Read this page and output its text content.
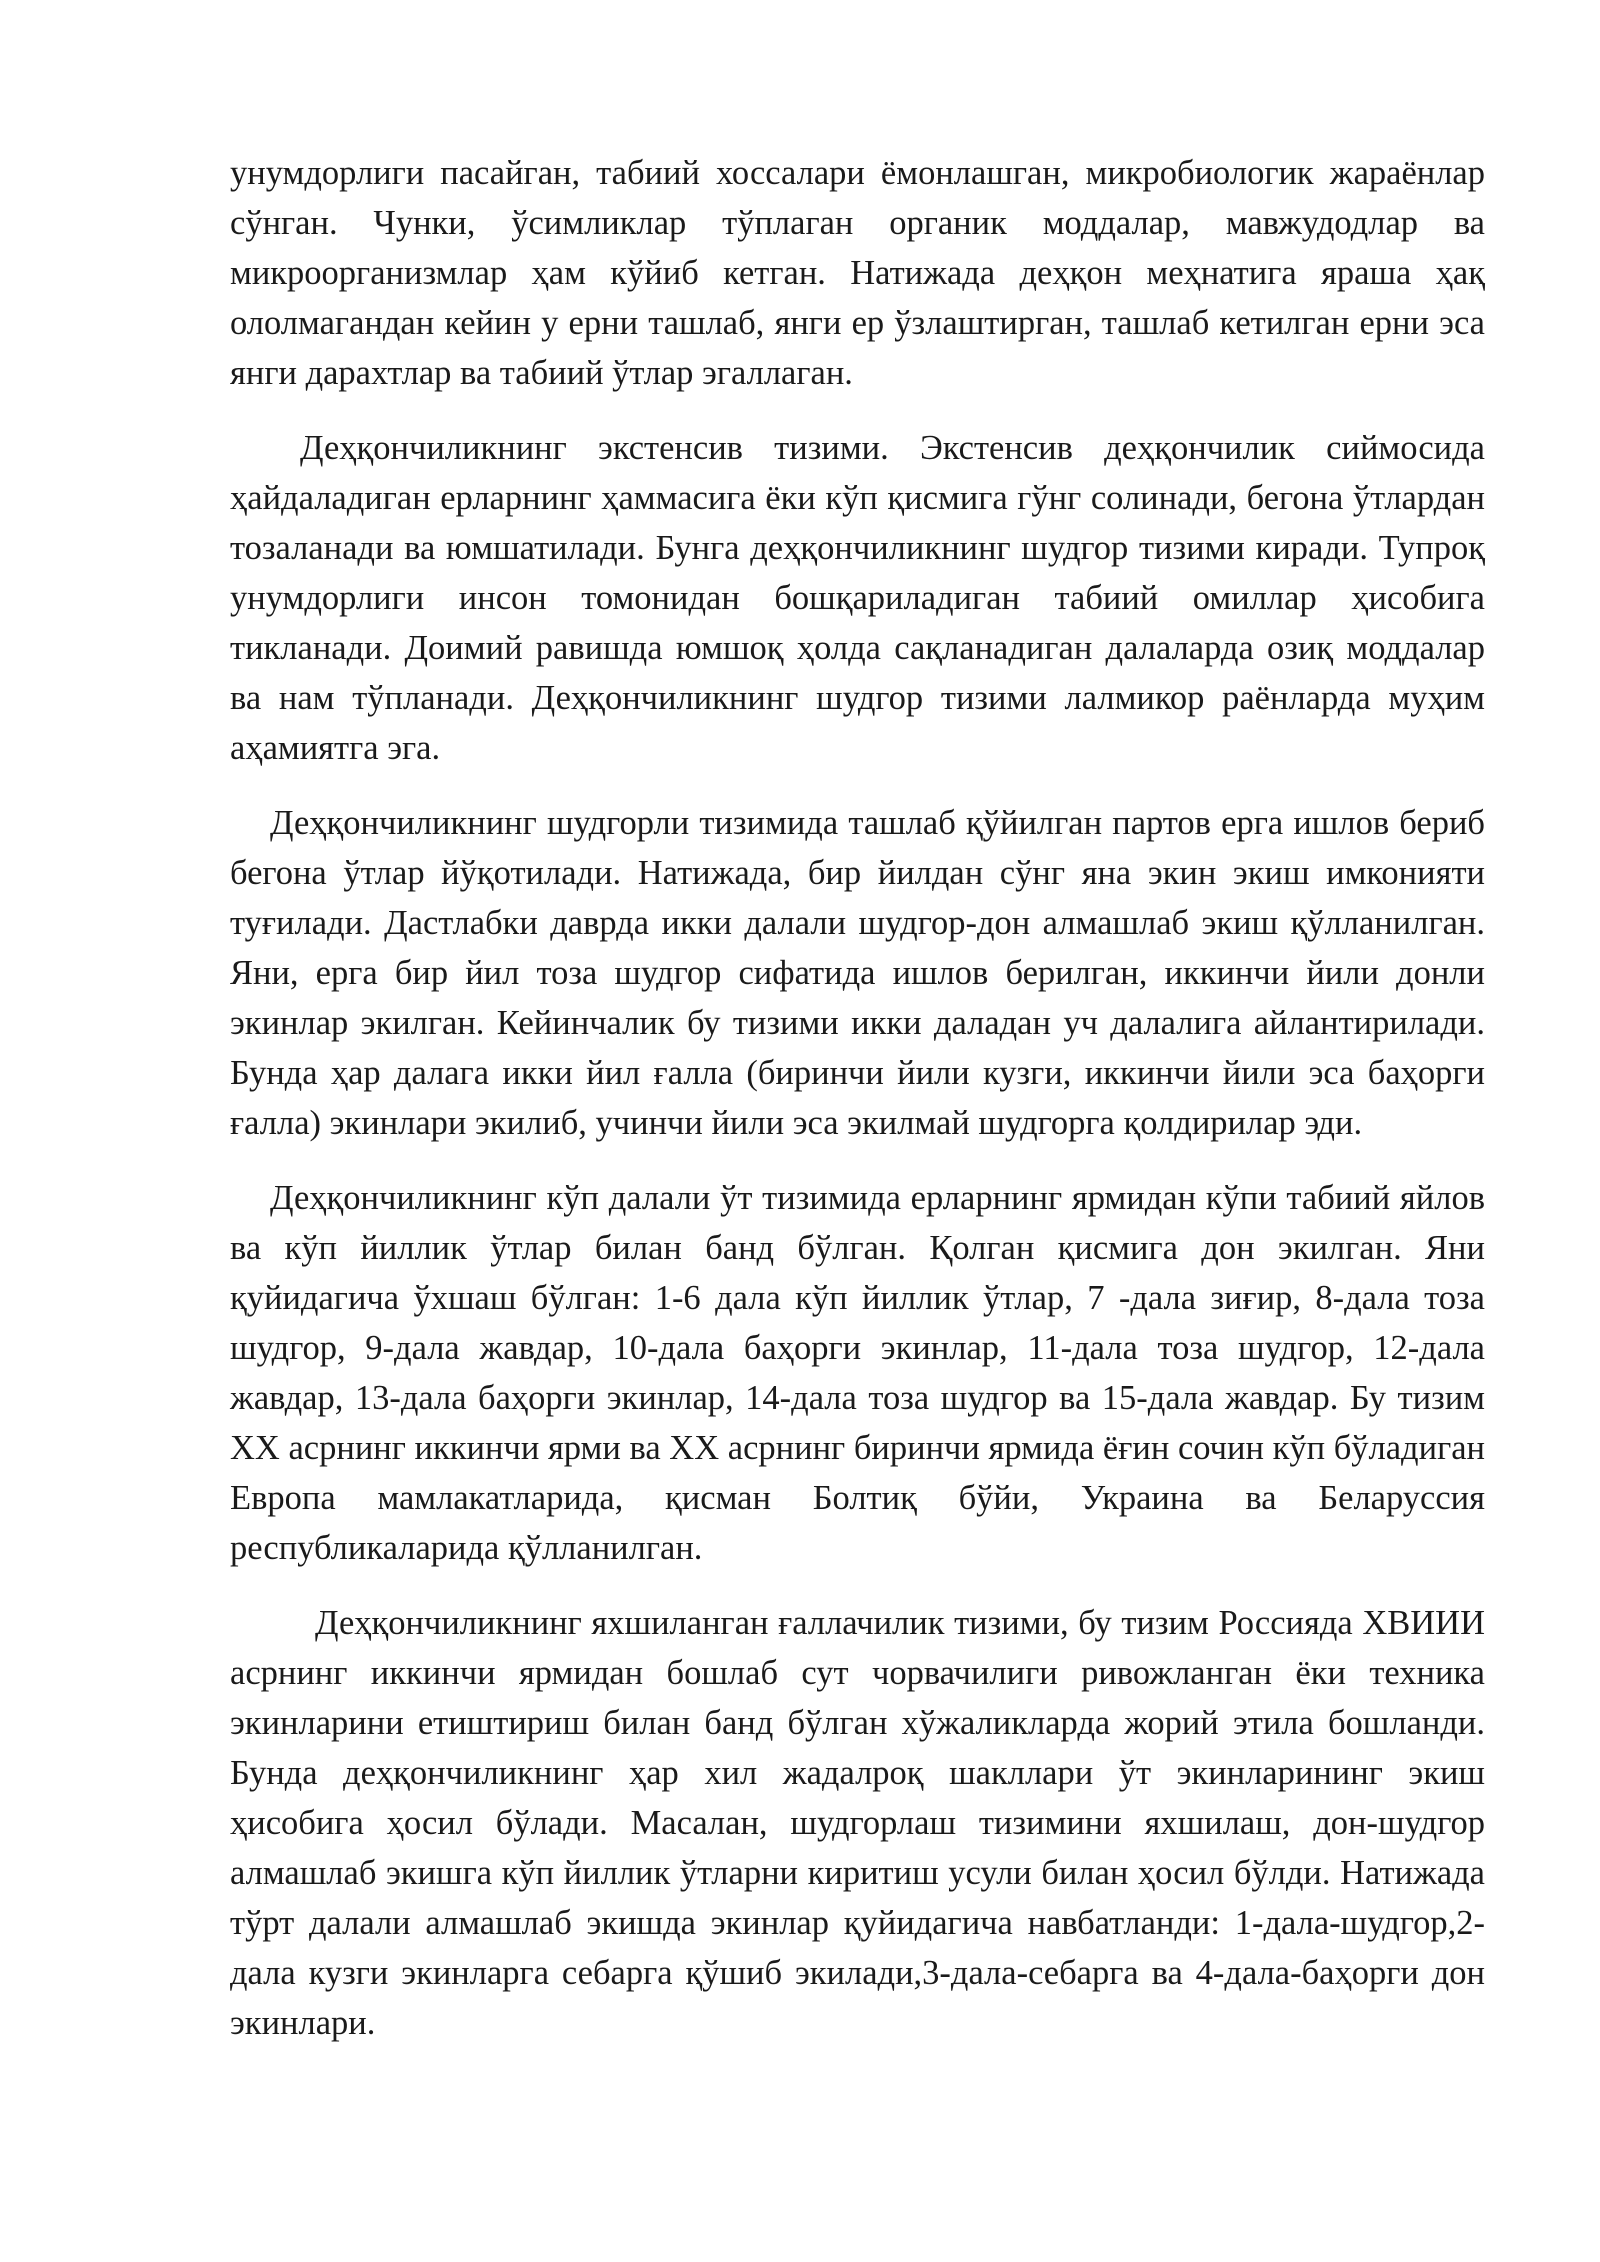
унумдорлиги пасайган, табиий хоссалари ёмонлашган, микробиологик жараёнлар сўнган. Чунки, ўсимликлар тўплаган органик моддалар, мавжудодлар ва микроорганизмлар ҳам кўйиб кетган. Натижада деҳқон меҳнатига яраша ҳақ ололмагандан кейин у ерни ташлаб, янги ер ўзлаштирган, ташлаб кетилган ерни эса янги дарахтлар ва табиий ўтлар эгаллаган.

Деҳқончиликнинг экстенсив тизими. Экстенсив деҳқончилик сиймосида ҳайдаладиган ерларнинг ҳаммасига ёки кўп қисмига гўнг солинади, бегона ўтлардан тозаланади ва юмшатилади. Бунга деҳқончиликнинг шудгор тизими киради. Тупроқ унумдорлиги инсон томонидан бошқариладиган табиий омиллар ҳисобига тикланади. Доимий равишда юмшоқ ҳолда сақланадиган далаларда озиқ моддалар ва нам тўпланади. Деҳқончиликнинг шудгор тизими лалмикор раёнларда муҳим аҳамиятга эга.

Деҳқончиликнинг шудгорли тизимида ташлаб қўйилган партов ерга ишлов бериб бегона ўтлар йўқотилади. Натижада, бир йилдан сўнг яна экин экиш имконияти туғилади. Дастлабки даврда икки далали шудгор-дон алмашлаб экиш қўлланилган. Яни, ерга бир йил тоза шудгор сифатида ишлов берилган, иккинчи йили донли экинлар экилган. Кейинчалик бу тизими икки даладан уч далалига айлантирилади. Бунда ҳар далага икки йил ғалла (биринчи йили кузги, иккинчи йили эса баҳорги ғалла) экинлари экилиб, учинчи йили эса экилмай шудгорга қолдирилар эди.

Деҳқончиликнинг кўп далали ўт тизимида ерларнинг ярмидан кўпи табиий яйлов ва кўп йиллик ўтлар билан банд бўлган. Қолган қисмига дон экилган. Яни қуйидагича ўхшаш бўлган: 1-6 дала кўп йиллик ўтлар, 7 -дала зиғир, 8-дала тоза шудгор, 9-дала жавдар, 10-дала баҳорги экинлар, 11-дала тоза шудгор, 12-дала жавдар, 13-дала баҳорги экинлар, 14-дала тоза шудгор ва 15-дала жавдар. Бу тизим XX асрнинг иккинчи ярми ва XX асрнинг биринчи ярмида ёғин сочин кўп бўладиган Европа мамлакатларида, қисман Болтиқ бўйи, Украина ва Беларуссия республикаларида қўлланилган.

Деҳқончиликнинг яхшиланган ғаллачилик тизими, бу тизим Россияда ХВИИИ асрнинг иккинчи ярмидан бошлаб сут чорвачилиги ривожланган ёки техника экинларини етиштириш билан банд бўлган хўжаликларда жорий этила бошланди. Бунда деҳқончиликнинг ҳар хил жадалроқ шакллари ўт экинларининг экиш ҳисобига ҳосил бўлади. Масалан, шудгорлаш тизимини яхшилаш, дон-шудгор алмашлаб экишга кўп йиллик ўтларни киритиш усули билан ҳосил бўлди. Натижада тўрт далали алмашлаб экишда экинлар қуйидагича навбатланди: 1-дала-шудгор,2-дала кузги экинларга себарга қўшиб экилади,3-дала-себарга ва 4-дала-баҳорги дон экинлари.
